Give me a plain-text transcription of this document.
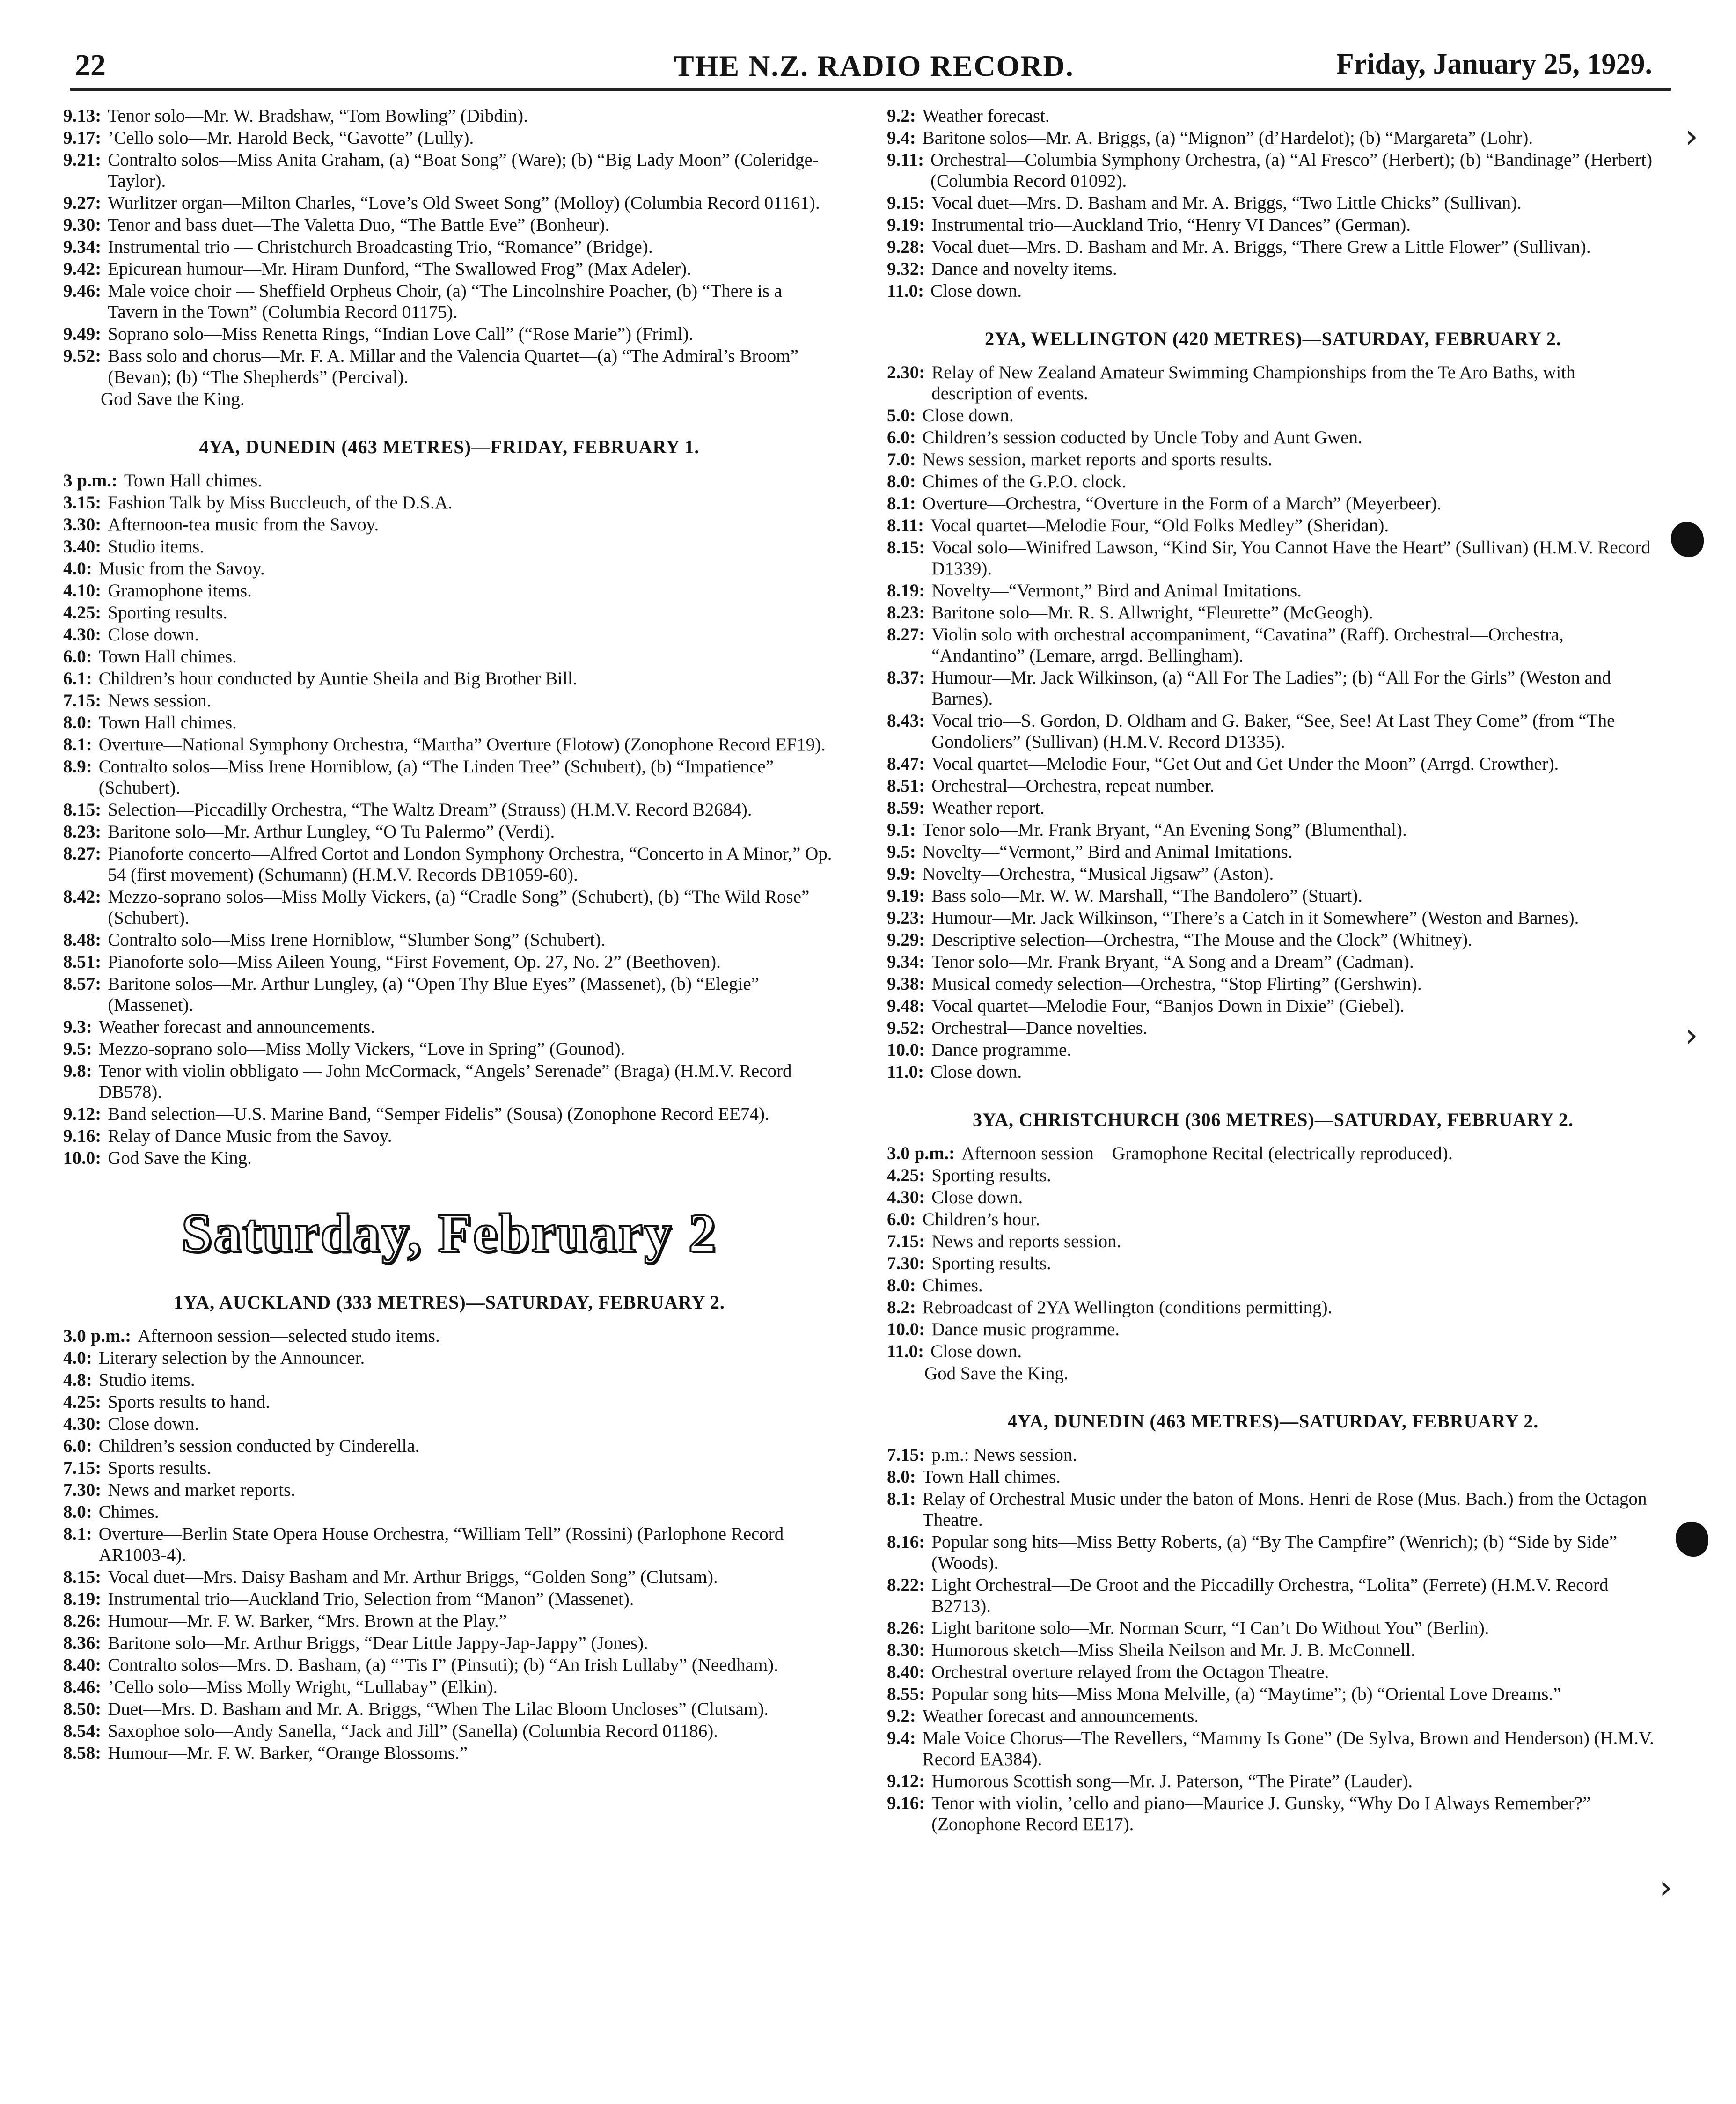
22	THE N.Z. RADIO RECORD.	Friday, January 25, 1929.
9.13: Tenor solo—Mr. W. Bradshaw, “Tom Bowling” (Dibdin).
9.17: ’Cello solo—Mr. Harold Beck, “Gavotte” (Lully).
9.21: Contralto solos—Miss Anita Graham, (a) “Boat Song” (Ware); (b) “Big Lady Moon” (Coleridge-Taylor).
9.27: Wurlitzer organ—Milton Charles, “Love’s Old Sweet Song” (Molloy) (Columbia Record 01161).
9.30: Tenor and bass duet—The Valetta Duo, “The Battle Eve” (Bonheur).
9.34: Instrumental trio — Christchurch Broadcasting Trio, “Romance” (Bridge).
9.42: Epicurean humour—Mr. Hiram Dunford, “The Swallowed Frog” (Max Adeler).
9.46: Male voice choir — Sheffield Orpheus Choir, (a) “The Lincolnshire Poacher, (b) “There is a Tavern in the Town” (Columbia Record 01175).
9.49: Soprano solo—Miss Renetta Rings, “Indian Love Call” (“Rose Marie”) (Friml).
9.52: Bass solo and chorus—Mr. F. A. Millar and the Valencia Quartet—(a) “The Admiral’s Broom” (Bevan); (b) “The Shepherds” (Percival).
God Save the King.
4YA, DUNEDIN (463 METRES)—FRIDAY, FEBRUARY 1.
3 p.m.: Town Hall chimes.
3.15: Fashion Talk by Miss Buccleuch, of the D.S.A.
3.30: Afternoon-tea music from the Savoy.
3.40: Studio items.
4.0: Music from the Savoy.
4.10: Gramophone items.
4.25: Sporting results.
4.30: Close down.
6.0: Town Hall chimes.
6.1: Children’s hour conducted by Auntie Sheila and Big Brother Bill.
7.15: News session.
8.0: Town Hall chimes.
8.1: Overture—National Symphony Orchestra, “Martha” Overture (Flotow) (Zonophone Record EF19).
8.9: Contralto solos—Miss Irene Horniblow, (a) “The Linden Tree” (Schubert), (b) “Impatience” (Schubert).
8.15: Selection—Piccadilly Orchestra, “The Waltz Dream” (Strauss) (H.M.V. Record B2684).
8.23: Baritone solo—Mr. Arthur Lungley, “O Tu Palermo” (Verdi).
8.27: Pianoforte concerto—Alfred Cortot and London Symphony Orchestra, “Concerto in A Minor,” Op. 54 (first movement) (Schumann) (H.M.V. Records DB1059-60).
8.42: Mezzo-soprano solos—Miss Molly Vickers, (a) “Cradle Song” (Schubert), (b) “The Wild Rose” (Schubert).
8.48: Contralto solo—Miss Irene Horniblow, “Slumber Song” (Schubert).
8.51: Pianoforte solo—Miss Aileen Young, “First Fovement, Op. 27, No. 2” (Beethoven).
8.57: Baritone solos—Mr. Arthur Lungley, (a) “Open Thy Blue Eyes” (Massenet), (b) “Elegie” (Massenet).
9.3: Weather forecast and announcements.
9.5: Mezzo-soprano solo—Miss Molly Vickers, “Love in Spring” (Gounod).
9.8: Tenor with violin obbligato — John McCormack, “Angels’ Serenade” (Braga) (H.M.V. Record DB578).
9.12: Band selection—U.S. Marine Band, “Semper Fidelis” (Sousa) (Zonophone Record EE74).
9.16: Relay of Dance Music from the Savoy.
10.0: God Save the King.
Saturday, February 2
1YA, AUCKLAND (333 METRES)—SATURDAY, FEBRUARY 2.
3.0 p.m.: Afternoon session—selected studo items.
4.0: Literary selection by the Announcer.
4.8: Studio items.
4.25: Sports results to hand.
4.30: Close down.
6.0: Children’s session conducted by Cinderella.
7.15: Sports results.
7.30: News and market reports.
8.0: Chimes.
8.1: Overture—Berlin State Opera House Orchestra, “William Tell” (Rossini) (Parlophone Record AR1003-4).
8.15: Vocal duet—Mrs. Daisy Basham and Mr. Arthur Briggs, “Golden Song” (Clutsam).
8.19: Instrumental trio—Auckland Trio, Selection from “Manon” (Massenet).
8.26: Humour—Mr. F. W. Barker, “Mrs. Brown at the Play.”
8.36: Baritone solo—Mr. Arthur Briggs, “Dear Little Jappy-Jap-Jappy” (Jones).
8.40: Contralto solos—Mrs. D. Basham, (a) “’Tis I” (Pinsuti); (b) “An Irish Lullaby” (Needham).
8.46: ’Cello solo—Miss Molly Wright, “Lullabay” (Elkin).
8.50: Duet—Mrs. D. Basham and Mr. A. Briggs, “When The Lilac Bloom Uncloses” (Clutsam).
8.54: Saxophoe solo—Andy Sanella, “Jack and Jill” (Sanella) (Columbia Record 01186).
8.58: Humour—Mr. F. W. Barker, “Orange Blossoms.”
9.2: Weather forecast.
9.4: Baritone solos—Mr. A. Briggs, (a) “Mignon” (d’Hardelot); (b) “Margareta” (Lohr).
9.11: Orchestral—Columbia Symphony Orchestra, (a) “Al Fresco” (Herbert); (b) “Bandinage” (Herbert) (Columbia Record 01092).
9.15: Vocal duet—Mrs. D. Basham and Mr. A. Briggs, “Two Little Chicks” (Sullivan).
9.19: Instrumental trio—Auckland Trio, “Henry VI Dances” (German).
9.28: Vocal duet—Mrs. D. Basham and Mr. A. Briggs, “There Grew a Little Flower” (Sullivan).
9.32: Dance and novelty items.
11.0: Close down.
2YA, WELLINGTON (420 METRES)—SATURDAY, FEBRUARY 2.
2.30: Relay of New Zealand Amateur Swimming Championships from the Te Aro Baths, with description of events.
5.0: Close down.
6.0: Children’s session coducted by Uncle Toby and Aunt Gwen.
7.0: News session, market reports and sports results.
8.0: Chimes of the G.P.O. clock.
8.1: Overture—Orchestra, “Overture in the Form of a March” (Meyerbeer).
8.11: Vocal quartet—Melodie Four, “Old Folks Medley” (Sheridan).
8.15: Vocal solo—Winifred Lawson, “Kind Sir, You Cannot Have the Heart” (Sullivan) (H.M.V. Record D1339).
8.19: Novelty—“Vermont,” Bird and Animal Imitations.
8.23: Baritone solo—Mr. R. S. Allwright, “Fleurette” (McGeogh).
8.27: Violin solo with orchestral accompaniment, “Cavatina” (Raff). Orchestral—Orchestra, “Andantino” (Lemare, arrgd. Bellingham).
8.37: Humour—Mr. Jack Wilkinson, (a) “All For The Ladies”; (b) “All For the Girls” (Weston and Barnes).
8.43: Vocal trio—S. Gordon, D. Oldham and G. Baker, “See, See! At Last They Come” (from “The Gondoliers” (Sullivan) (H.M.V. Record D1335).
8.47: Vocal quartet—Melodie Four, “Get Out and Get Under the Moon” (Arrgd. Crowther).
8.51: Orchestral—Orchestra, repeat number.
8.59: Weather report.
9.1: Tenor solo—Mr. Frank Bryant, “An Evening Song” (Blumenthal).
9.5: Novelty—“Vermont,” Bird and Animal Imitations.
9.9: Novelty—Orchestra, “Musical Jigsaw” (Aston).
9.19: Bass solo—Mr. W. W. Marshall, “The Bandolero” (Stuart).
9.23: Humour—Mr. Jack Wilkinson, “There’s a Catch in it Somewhere” (Weston and Barnes).
9.29: Descriptive selection—Orchestra, “The Mouse and the Clock” (Whitney).
9.34: Tenor solo—Mr. Frank Bryant, “A Song and a Dream” (Cadman).
9.38: Musical comedy selection—Orchestra, “Stop Flirting” (Gershwin).
9.48: Vocal quartet—Melodie Four, “Banjos Down in Dixie” (Giebel).
9.52: Orchestral—Dance novelties.
10.0: Dance programme.
11.0: Close down.
3YA, CHRISTCHURCH (306 METRES)—SATURDAY, FEBRUARY 2.
3.0 p.m.: Afternoon session—Gramophone Recital (electrically reproduced).
4.25: Sporting results.
4.30: Close down.
6.0: Children’s hour.
7.15: News and reports session.
7.30: Sporting results.
8.0: Chimes.
8.2: Rebroadcast of 2YA Wellington (conditions permitting).
10.0: Dance music programme.
11.0: Close down.
God Save the King.
4YA, DUNEDIN (463 METRES)—SATURDAY, FEBRUARY 2.
7.15: p.m.: News session.
8.0: Town Hall chimes.
8.1: Relay of Orchestral Music under the baton of Mons. Henri de Rose (Mus. Bach.) from the Octagon Theatre.
8.16: Popular song hits—Miss Betty Roberts, (a) “By The Campfire” (Wenrich); (b) “Side by Side” (Woods).
8.22: Light Orchestral—De Groot and the Piccadilly Orchestra, “Lolita” (Ferrete) (H.M.V. Record B2713).
8.26: Light baritone solo—Mr. Norman Scurr, “I Can’t Do Without You” (Berlin).
8.30: Humorous sketch—Miss Sheila Neilson and Mr. J. B. McConnell.
8.40: Orchestral overture relayed from the Octagon Theatre.
8.55: Popular song hits—Miss Mona Melville, (a) “Maytime”; (b) “Oriental Love Dreams.”
9.2: Weather forecast and announcements.
9.4: Male Voice Chorus—The Revellers, “Mammy Is Gone” (De Sylva, Brown and Henderson) (H.M.V. Record EA384).
9.12: Humorous Scottish song—Mr. J. Paterson, “The Pirate” (Lauder).
9.16: Tenor with violin, ’cello and piano—Maurice J. Gunsky, “Why Do I Always Remember?” (Zonophone Record EE17).
›
›
›
